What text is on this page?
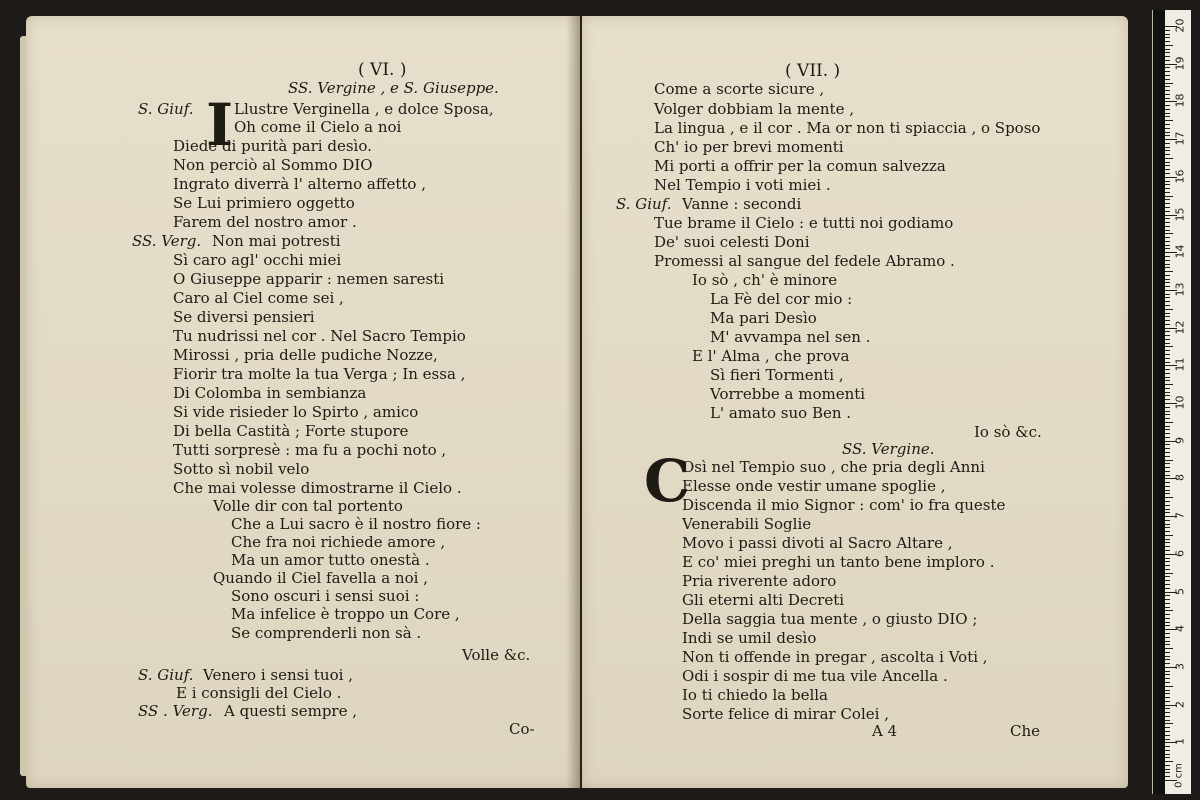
( VI. )
SS. Vergine , e S. Giuseppe.
S. Giuf. I Llustre Verginella , e dolce Sposa,
Oh come il Cielo a noi
Diede di purità pari desìo.
Non perciò al Sommo DIO
Ingrato diverrà l' alterno affetto ,
Se Lui primiero oggetto
Farem del nostro amor .
SS. Verg. Non mai potresti
Sì caro agl' occhi miei
O Giuseppe apparir : nemen saresti
Caro al Ciel come sei ,
Se diversi pensieri
Tu nudrissi nel cor . Nel Sacro Tempio
Mirossi , pria delle pudiche Nozze,
Fiorir tra molte la tua Verga ; In essa ,
Di Colomba in sembianza
Si vide risieder lo Spirto , amico
Di bella Castità ; Forte stupore
Tutti sorpresè : ma fu a pochi noto ,
Sotto sì nobil velo
Che mai volesse dimostrarne il Cielo .
Volle dir con tal portento
Che a Lui sacro è il nostro fiore :
Che fra noi richiede amore ,
Ma un amor tutto onestà .
Quando il Ciel favella a noi ,
Sono oscuri i sensi suoi :
Ma infelice è troppo un Core ,
Se comprenderli non sà .
Volle &c.
S. Giuf. Venero i sensi tuoi ,
E i consigli del Cielo .
SS . Verg. A questi sempre ,
Co-
( VII. )
Come a scorte sicure ,
Volger dobbiam la mente ,
La lingua , e il cor . Ma or non ti spiaccia , o Sposo
Ch' io per brevi momenti
Mi porti a offrir per la comun salvezza
Nel Tempio i voti miei .
S. Giuf. Vanne : secondi
Tue brame il Cielo : e tutti noi godiamo
De' suoi celesti Doni
Promessi al sangue del fedele Abramo .
Io sò , ch' è minore
La Fè del cor mio :
Ma pari Desìo
M' avvampa nel sen .
E l' Alma , che prova
Sì fieri Tormenti ,
Vorrebbe a momenti
L' amato suo Ben .
Io sò &c.
SS. Vergine.
C
Osì nel Tempio suo , che pria degli Anni
Elesse onde vestir umane spoglie ,
Discenda il mio Signor : com' io fra queste
Venerabili Soglie
Movo i passi divoti al Sacro Altare ,
E co' miei preghi un tanto bene imploro .
Pria riverente adoro
Gli eterni alti Decreti
Della saggia tua mente , o giusto DIO ;
Indi se umil desìo
Non ti offende in pregar , ascolta i Voti ,
Odi i sospir di me tua vile Ancella .
Io ti chiedo la bella
Sorte felice di mirar Colei ,
A 4	Che
1
2
3
4
5
6
7
8
9
10
11
12
13
14
15
16
17
18
19
20
0 cm
